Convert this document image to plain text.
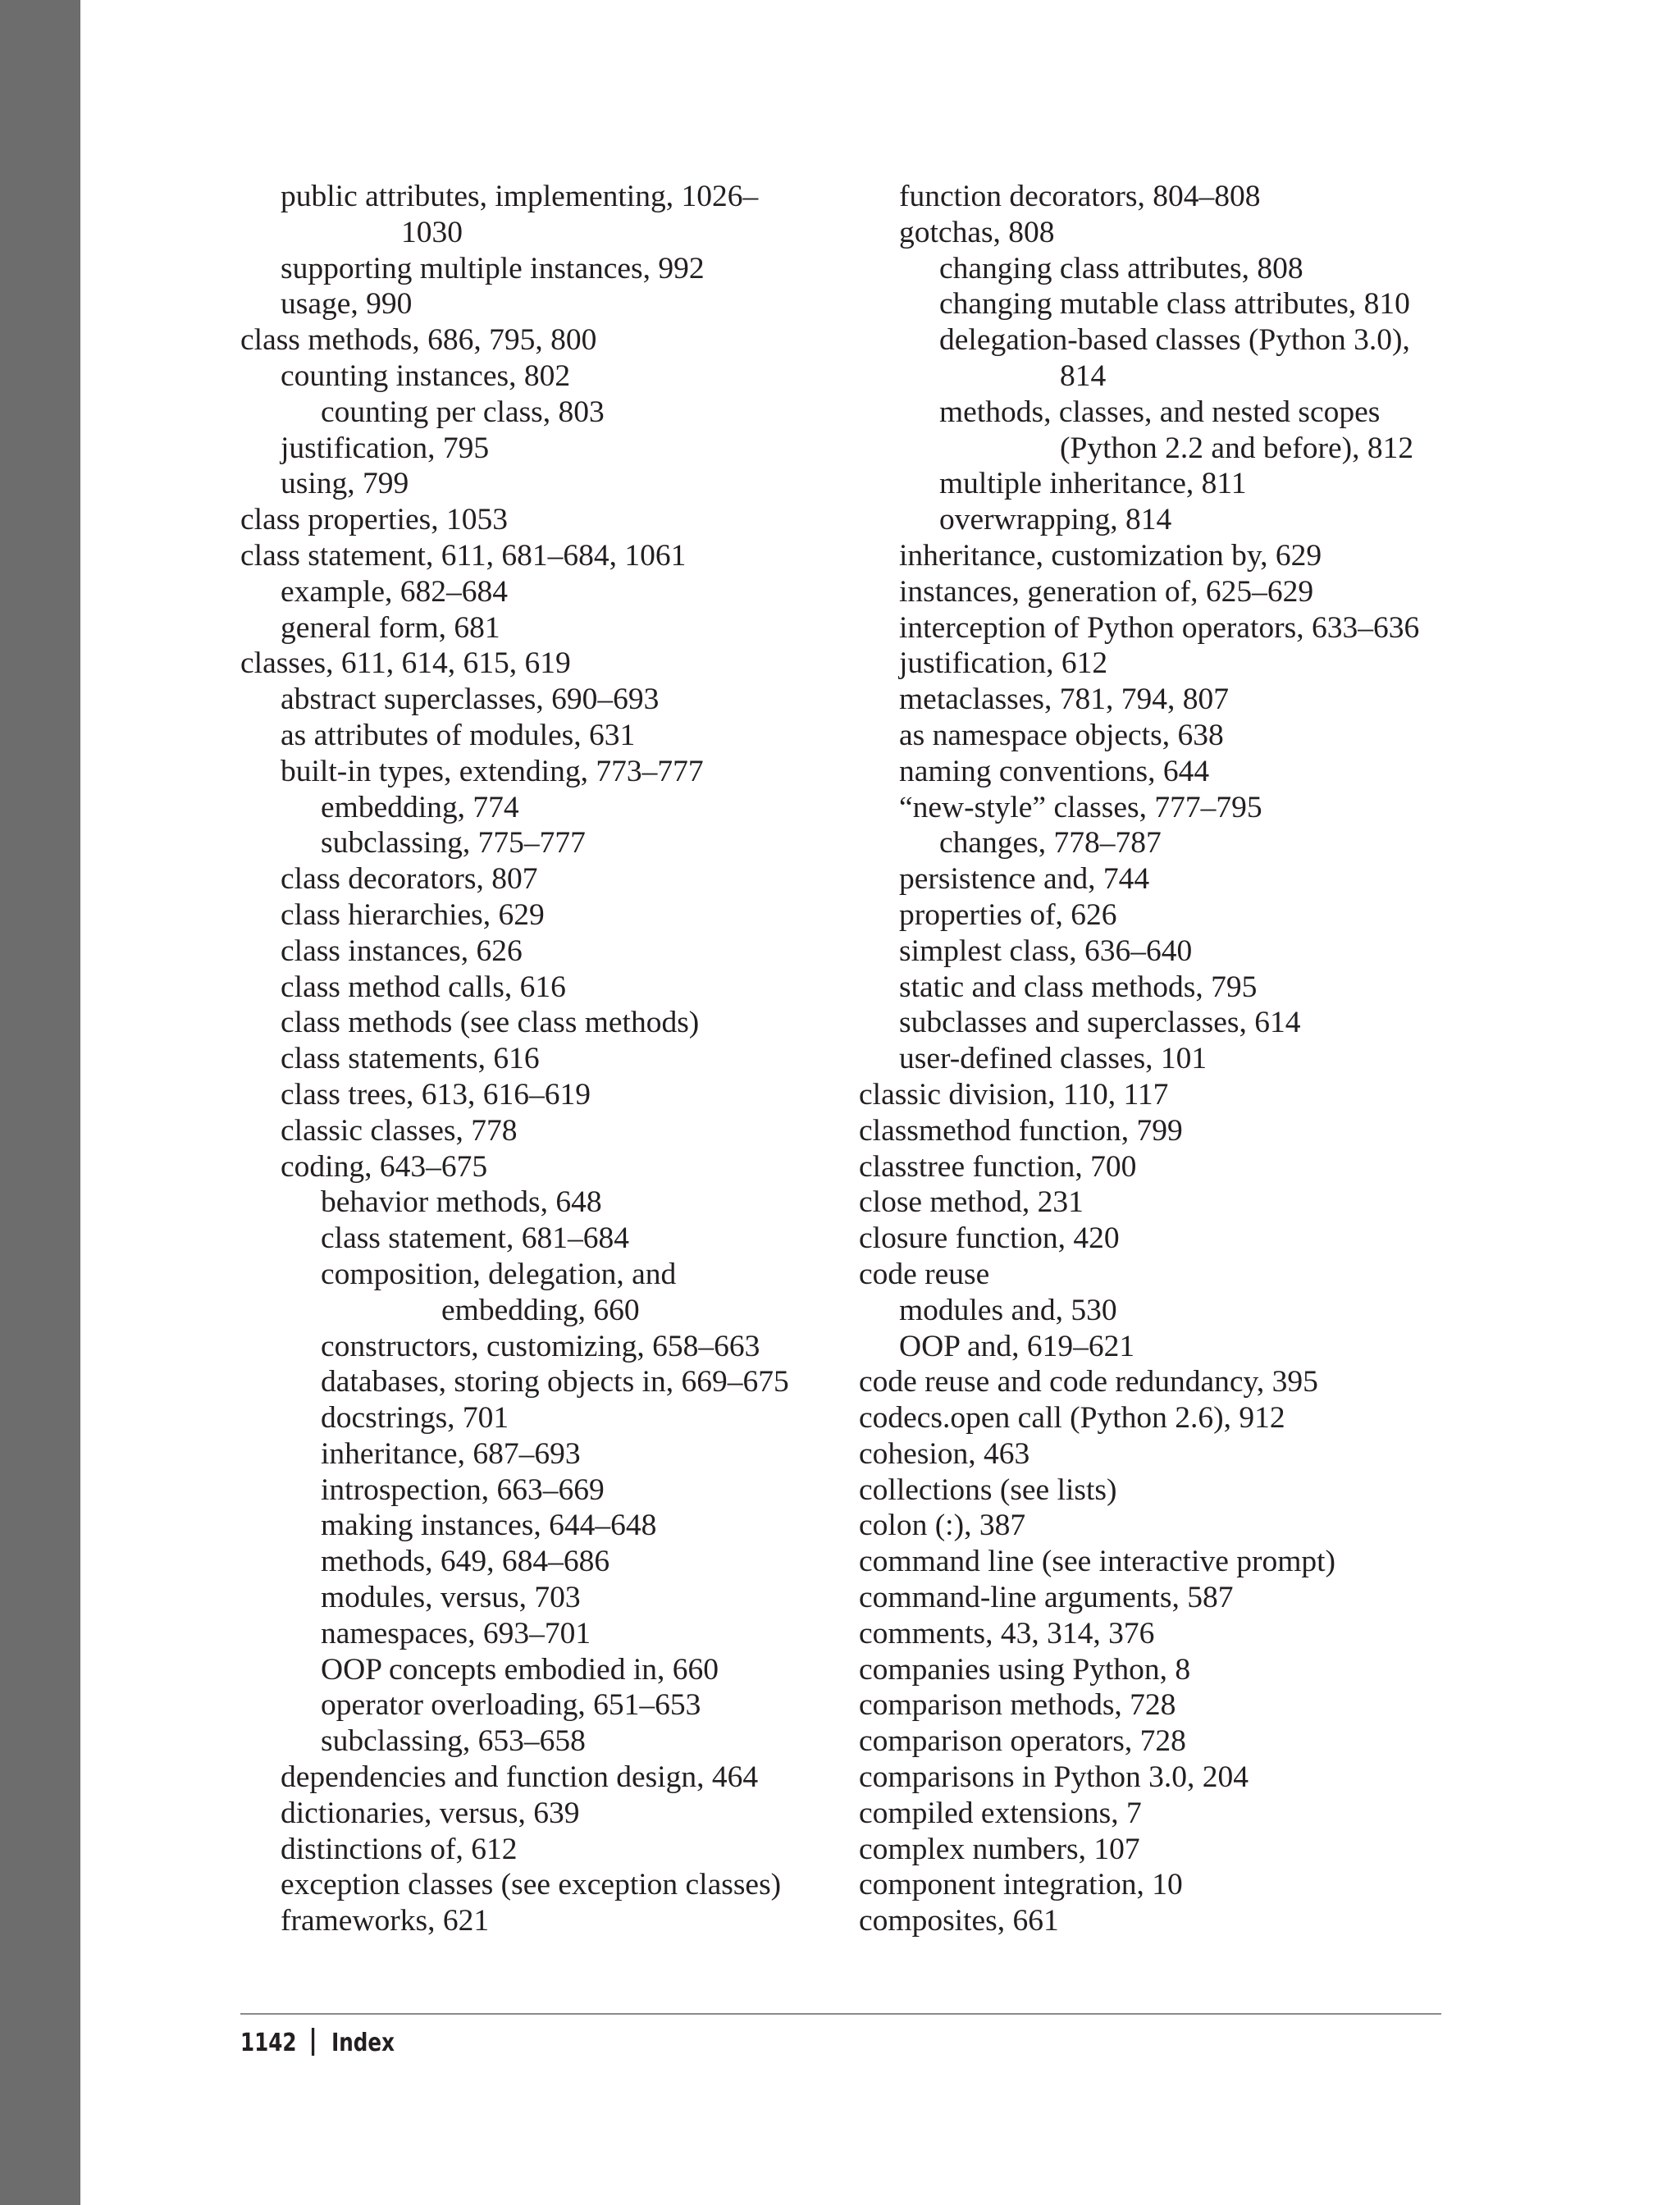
public attributes, implementing, 1026–
1030
supporting multiple instances, 992
usage, 990
class methods, 686, 795, 800
counting instances, 802
counting per class, 803
justification, 795
using, 799
class properties, 1053
class statement, 611, 681–684, 1061
example, 682–684
general form, 681
classes, 611, 614, 615, 619
abstract superclasses, 690–693
as attributes of modules, 631
built-in types, extending, 773–777
embedding, 774
subclassing, 775–777
class decorators, 807
class hierarchies, 629
class instances, 626
class method calls, 616
class methods (see class methods)
class statements, 616
class trees, 613, 616–619
classic classes, 778
coding, 643–675
behavior methods, 648
class statement, 681–684
composition, delegation, and
embedding, 660
constructors, customizing, 658–663
databases, storing objects in, 669–675
docstrings, 701
inheritance, 687–693
introspection, 663–669
making instances, 644–648
methods, 649, 684–686
modules, versus, 703
namespaces, 693–701
OOP concepts embodied in, 660
operator overloading, 651–653
subclassing, 653–658
dependencies and function design, 464
dictionaries, versus, 639
distinctions of, 612
exception classes (see exception classes)
frameworks, 621
function decorators, 804–808
gotchas, 808
changing class attributes, 808
changing mutable class attributes, 810
delegation-based classes (Python 3.0),
814
methods, classes, and nested scopes
(Python 2.2 and before), 812
multiple inheritance, 811
overwrapping, 814
inheritance, customization by, 629
instances, generation of, 625–629
interception of Python operators, 633–636
justification, 612
metaclasses, 781, 794, 807
as namespace objects, 638
naming conventions, 644
“new-style” classes, 777–795
changes, 778–787
persistence and, 744
properties of, 626
simplest class, 636–640
static and class methods, 795
subclasses and superclasses, 614
user-defined classes, 101
classic division, 110, 117
classmethod function, 799
classtree function, 700
close method, 231
closure function, 420
code reuse
modules and, 530
OOP and, 619–621
code reuse and code redundancy, 395
codecs.open call (Python 2.6), 912
cohesion, 463
collections (see lists)
colon (:), 387
command line (see interactive prompt)
command-line arguments, 587
comments, 43, 314, 376
companies using Python, 8
comparison methods, 728
comparison operators, 728
comparisons in Python 3.0, 204
compiled extensions, 7
complex numbers, 107
component integration, 10
composites, 661
1142 Index
